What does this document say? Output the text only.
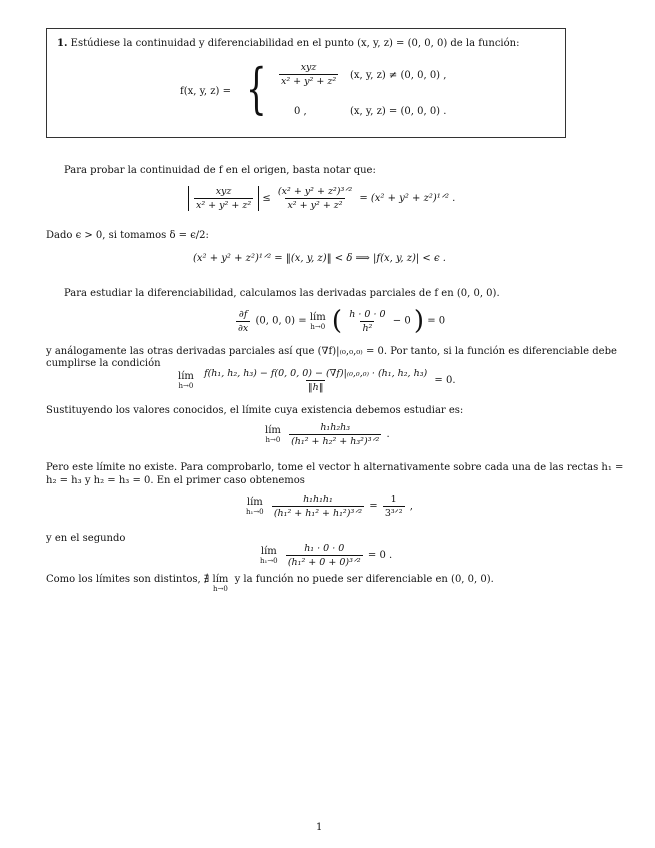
1. Estúdiese la continuidad y diferenciabilidad en el punto (x, y, z) = (0, 0, 0) de la función:
f(x, y, z) = { $\frac{\text{xyz}}{\text{x² + y² + z²}} (x$, y, z) ≠ (0, 0, 0) ,
0 ,	(x, y, z) = (0, 0, 0) .
Para probar la continuidad de f en el origen, basta notar que:
$\frac{\text{xyz}}{\text{x² + y² + z²}} \le \frac{\text{(x² + y² + z²)³ᐟ²}}{\text{x² + y² + z²}} = (x^2 + y^2$ + z²)¹ᐟ² .
Dado ϵ > 0, si tomamos δ = ϵ/2:
(x² + y² + z²)¹ᐟ² = ‖(x, y, z)‖ < δ ⟹ |f(x, y, z)| < ϵ .
Para estudiar la diferenciabilidad, calculamos las derivadas parciales de f en (0, 0, 0).
$\frac{\partial f}{\partial x} (0$, 0, 0) = lím
h→0 ( $\frac{h \cdot 0 \cdot 0}{\text{h²}} - 0$ ) = 0
y análogamente las otras derivadas parciales así que (∇f)|₍₀,₀,₀₎ = 0. Por tanto, si la función es diferenciable debe
cumplirse la condición
lím
h→0
$\frac{\text{f(h₁, h₂, h₃) − f(0, 0, 0) − (∇f)|₍₀,₀,₀₎ · (h₁, h₂, h₃)}}{‖h‖} = 0$.
Sustituyendo los valores conocidos, el límite cuya existencia debemos estudiar es:
lím
h→0
$\frac{\text{h₁h₂h₃}}{\text{(h₁² + h₂² + h₃²)³ᐟ²}}$ .
Pero este límite no existe. Para comprobarlo, tome el vector h alternativamente sobre cada una de las rectas h₁ =
h₂ = h₃ y h₂ = h₃ = 0. En el primer caso obtenemos
lím
h₁→0
$\frac{\text{h₁h₁h₁}}{\text{(h₁² + h₁² + h₁²)³ᐟ²}} = \frac{1}{\text{3³ᐟ²}}$ ,
y en el segundo
lím
h₁→0
$\frac{\text{h₁ · 0 · 0}}{\text{(h₁² + 0 + 0)³ᐟ²}} = 0$ .
Como los límites son distintos, ∄ lím
h→0
y la función no puede ser diferenciable en (0, 0, 0).
1
